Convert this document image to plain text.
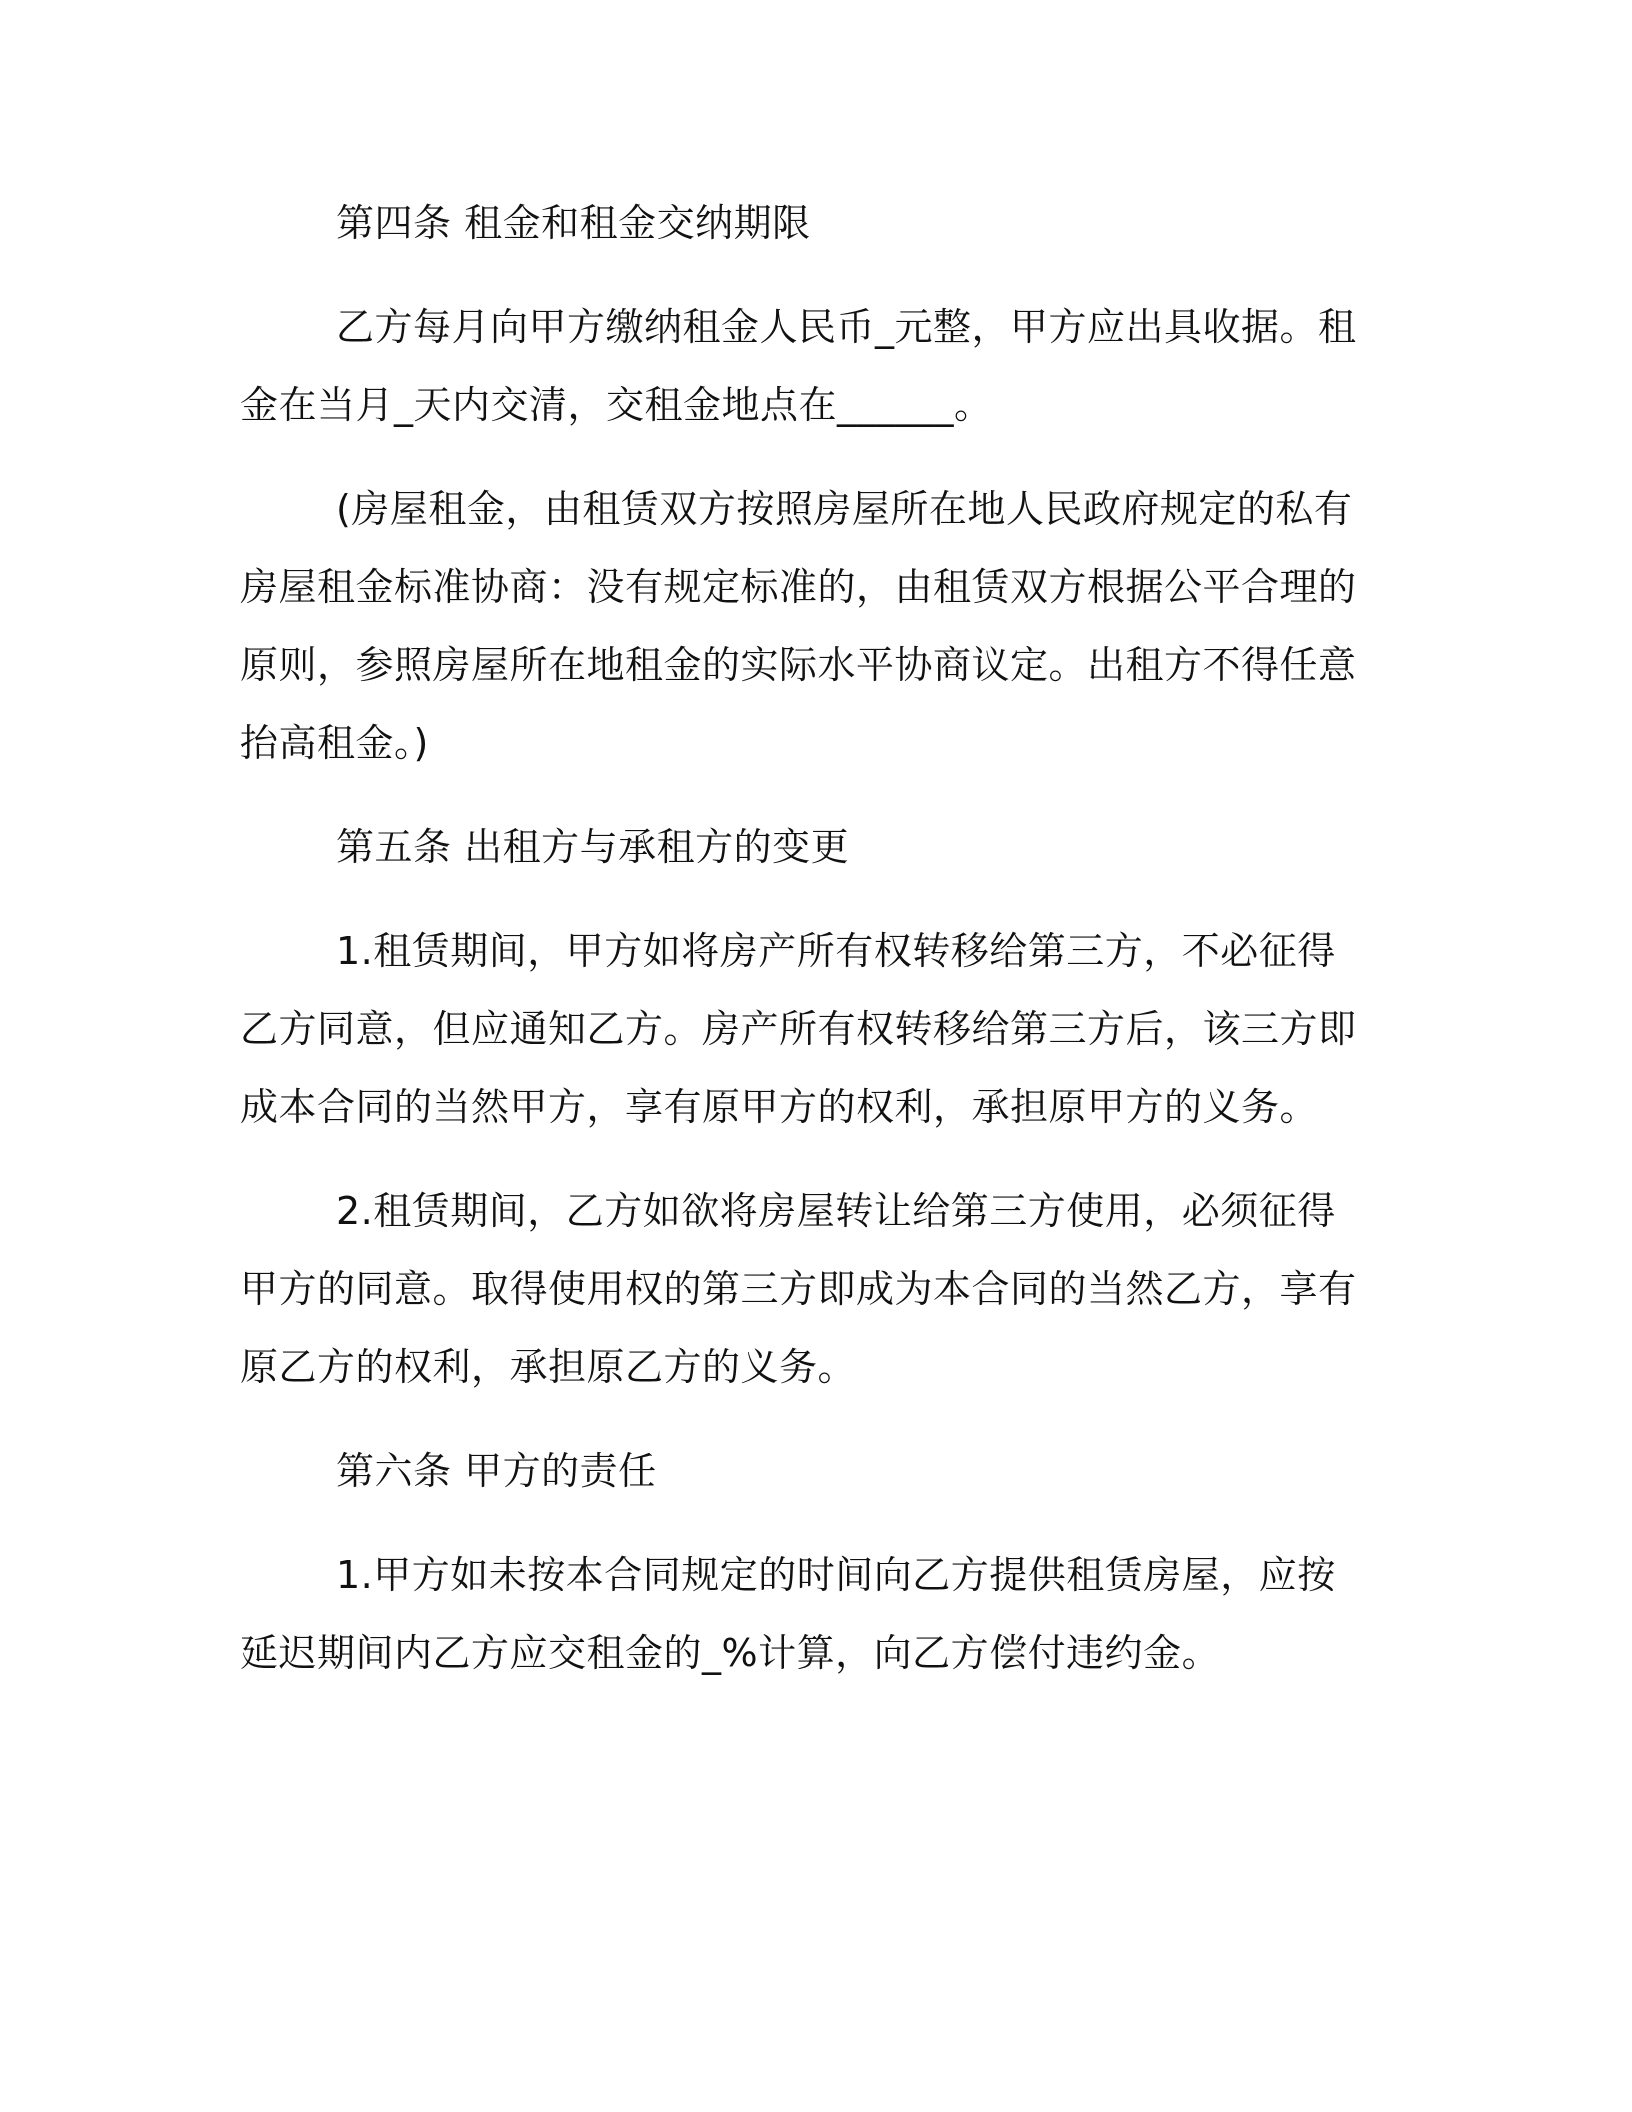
第四条 租金和租金交纳期限

乙方每月向甲方缴纳租金人民币_元整，甲方应出具收据。租金在当月_天内交清，交租金地点在______。

(房屋租金，由租赁双方按照房屋所在地人民政府规定的私有房屋租金标准协商：没有规定标准的，由租赁双方根据公平合理的原则，参照房屋所在地租金的实际水平协商议定。出租方不得任意抬高租金。)

第五条 出租方与承租方的变更

1.租赁期间，甲方如将房产所有权转移给第三方，不必征得乙方同意，但应通知乙方。房产所有权转移给第三方后，该三方即成本合同的当然甲方，享有原甲方的权利，承担原甲方的义务。

2.租赁期间，乙方如欲将房屋转让给第三方使用，必须征得甲方的同意。取得使用权的第三方即成为本合同的当然乙方，享有原乙方的权利，承担原乙方的义务。

第六条 甲方的责任

1.甲方如未按本合同规定的时间向乙方提供租赁房屋，应按延迟期间内乙方应交租金的_%计算，向乙方偿付违约金。
